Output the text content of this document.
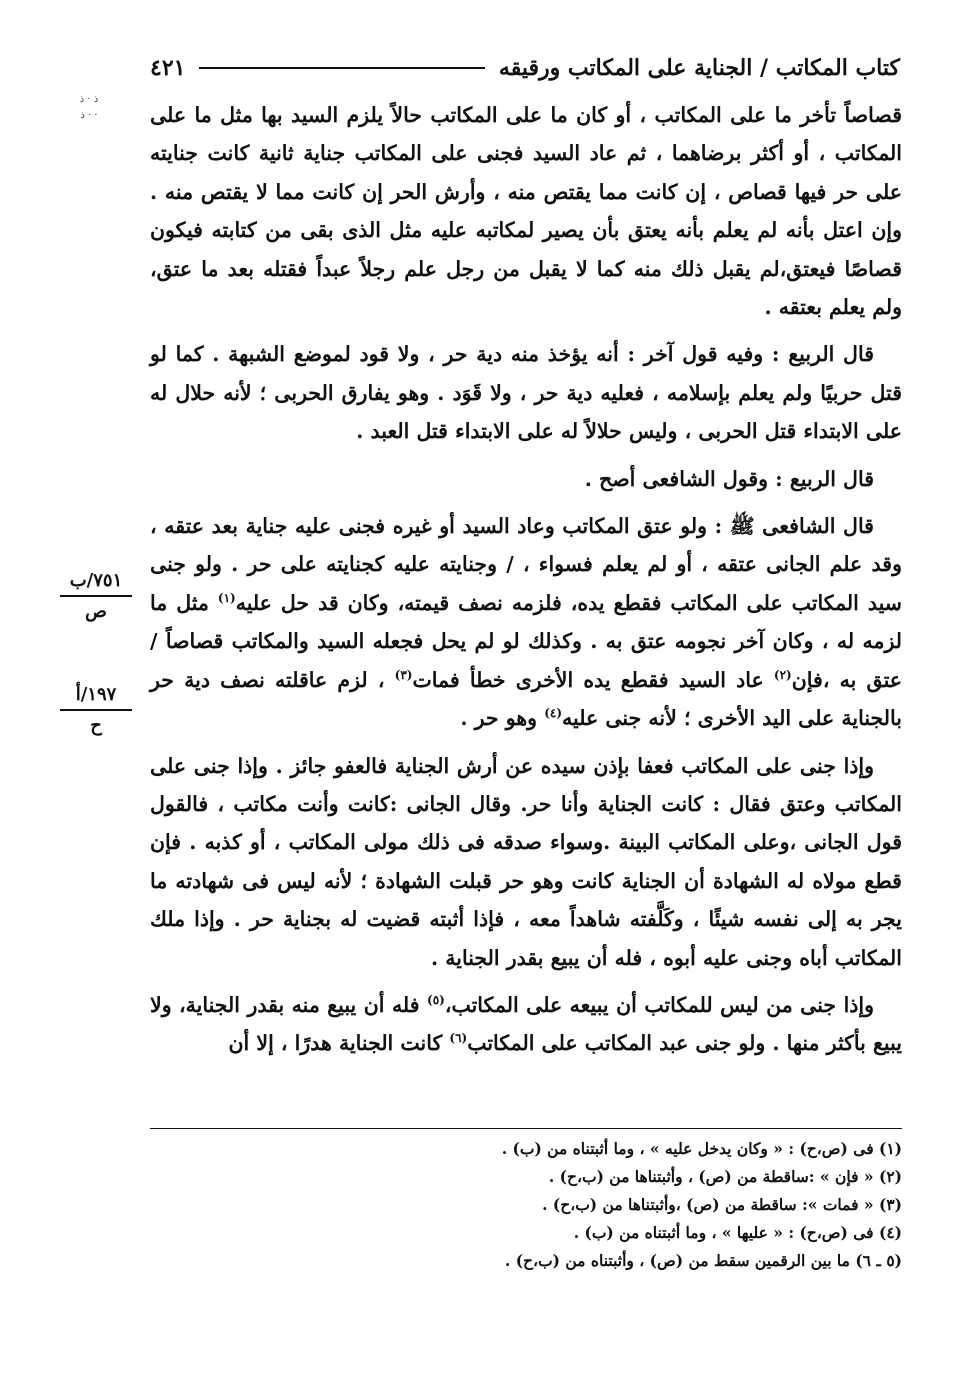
كتاب المكاتب / الجناية على المكاتب ورقيقه
٤٢١
ذ · ذ · ذ ·
٧٥١/ب
ص
١٩٧/أ
ح

قصاصاً تأخر ما على المكاتب ، أو كان ما على المكاتب حالاً يلزم السيد بها مثل ما على المكاتب ، أو أكثر برضاهما ، ثم عاد السيد فجنى على المكاتب جناية ثانية كانت جنايته على حر فيها قصاص ، إن كانت مما يقتص منه ، وأرش الحر إن كانت مما لا يقتص منه . وإن اعتل بأنه لم يعلم بأنه يعتق بأن يصير لمكاتبه عليه مثل الذى بقى من كتابته فيكون قصاصًا فيعتق،لم يقبل ذلك منه كما لا يقبل من رجل علم رجلاً عبداً فقتله بعد ما عتق، ولم يعلم بعتقه .

قال الربيع : وفيه قول آخر : أنه يؤخذ منه دية حر ، ولا قود لموضع الشبهة . كما لو قتل حربيًا ولم يعلم بإسلامه ، فعليه دية حر ، ولا قَوَد . وهو يفارق الحربى ؛ لأنه حلال له على الابتداء قتل الحربى ، وليس حلالاً له على الابتداء قتل العبد .

قال الربيع : وقول الشافعى أصح .

قال الشافعى ﷺ : ولو عتق المكاتب وعاد السيد أو غيره فجنى عليه جناية بعد عتقه ، وقد علم الجانى عتقه ، أو لم يعلم فسواء ، / وجنايته عليه كجنايته على حر . ولو جنى سيد المكاتب على المكاتب فقطع يده، فلزمه نصف قيمته، وكان قد حل عليه$^{(١)}$ مثل ما لزمه له ، وكان آخر نجومه عتق به . وكذلك لو لم يحل فجعله السيد والمكاتب قصاصاً /عتق به ،فإن$^{(٢)}$ عاد السيد فقطع يده الأخرى خطأ فمات$^{(٣)}$ ، لزم عاقلته نصف دية حر بالجناية على اليد الأخرى ؛ لأنه جنى عليه$^{(٤)}$ وهو حر .

وإذا جنى على المكاتب فعفا بإذن سيده عن أرش الجناية فالعفو جائز . وإذا جنى على المكاتب وعتق فقال : كانت الجناية وأنا حر. وقال الجانى :كانت وأنت مكاتب ، فالقول قول الجانى ،وعلى المكاتب البينة .وسواء صدقه فى ذلك مولى المكاتب ، أو كذبه . فإن قطع مولاه له الشهادة أن الجناية كانت وهو حر قبلت الشهادة ؛ لأنه ليس فى شهادته ما يجر به إلى نفسه شيئًا ، وكَلَّفته شاهداً معه ، فإذا أثبته قضيت له بجناية حر . وإذا ملك المكاتب أباه وجنى عليه أبوه ، فله أن يبيع بقدر الجناية .

وإذا جنى من ليس للمكاتب أن يبيعه على المكاتب،$^{(٥)}$ فله أن يبيع منه بقدر الجناية، ولا يبيع بأكثر منها . ولو جنى عبد المكاتب على المكاتب$^{(٦)}$ كانت الجناية هدرًا ، إلا أن

(١) فى (ص،ح) : « وكان يدخل عليه » ، وما أثبتناه من (ب) .
(٢) « فإن » :ساقطة من (ص) ، وأثبتناها من (ب،ح) .
(٣) « فمات »: ساقطة من (ص) ،وأثبتناها من (ب،ح) .
(٤) فى (ص،ح) : « عليها » ، وما أثبتناه من (ب) .
(٥ ـ ٦) ما بين الرقمين سقط من (ص) ، وأثبتناه من (ب،ح) .
